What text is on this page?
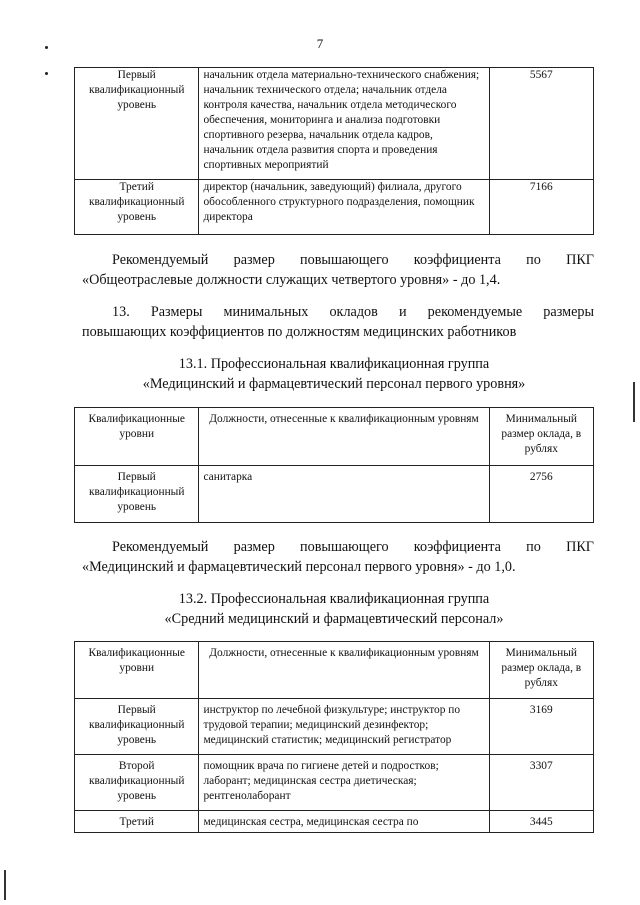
7
Первый квалификационный уровень	начальник отдела материально-технического снабжения; начальник технического отдела; начальник отдела контроля качества, начальник отдела методического обеспечения, мониторинга и анализа подготовки спортивного резерва, начальник отдела кадров, начальник отдела развития спорта и проведения спортивных мероприятий	5567
Третий квалификационный уровень	директор (начальник, заведующий) филиала, другого обособленного структурного подразделения, помощник директора	7166
Рекомендуемый размер повышающего коэффициента по ПКГ
«Общеотраслевые должности служащих четвертого уровня» - до 1,4.
13. Размеры минимальных окладов и рекомендуемые размеры
повышающих коэффициентов по должностям медицинских работников
13.1. Профессиональная квалификационная группа
«Медицинский и фармацевтический персонал первого уровня»
Квалификационные уровни	Должности, отнесенные к квалификационным уровням	Минимальный размер оклада, в рублях
Первый квалификационный уровень	санитарка	2756
Рекомендуемый размер повышающего коэффициента по ПКГ
«Медицинский и фармацевтический персонал первого уровня» - до 1,0.
13.2. Профессиональная квалификационная группа
«Средний медицинский и фармацевтический персонал»
Квалификационные уровни	Должности, отнесенные к квалификационным уровням	Минимальный размер оклада, в рублях
Первый квалификационный уровень	инструктор по лечебной физкультуре; инструктор по трудовой терапии; медицинский дезинфектор; медицинский статистик; медицинский регистратор	3169
Второй квалификационный уровень	помощник врача по гигиене детей и подростков; лаборант; медицинская сестра диетическая; рентгенолаборант	3307
Третий	медицинская сестра, медицинская сестра по	3445
